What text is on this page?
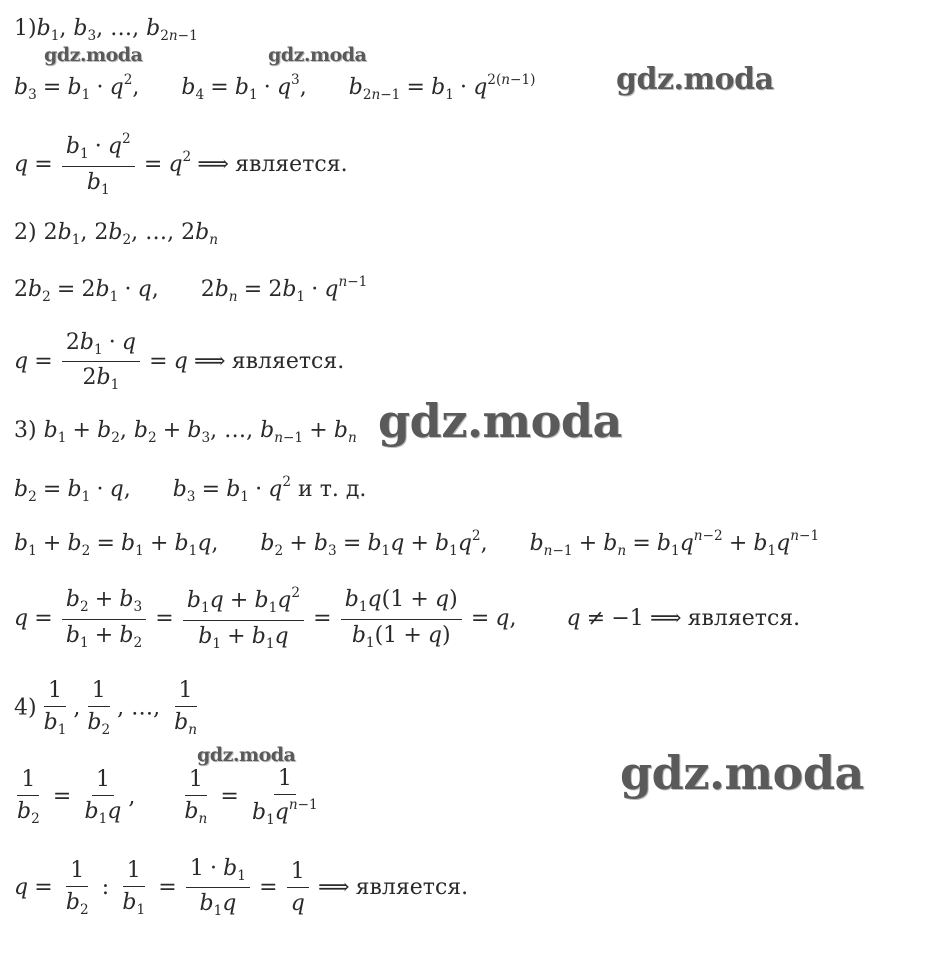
gdz.moda	gdz.moda
gdz.moda
gdz.moda
gdz.moda	gdz.moda
$1)b_1$, $b_3$, …, $b_{2n-1}$
$b_3 = b_1 \cdot q^2$, $b_4 = b_1 \cdot q^3$, $b_{2n-1} = b_1 \cdot q^{2(n-1)}$
$q = \frac{b_1 \cdot q^2}{b_1} = q^2$ ⟹ является.
2) $2b_1$, $2b_2$, …, $2b_n$
$2b_2 = 2b_1 \cdot q$, $2b_n = 2b_1 \cdot q^{n-1}$
$q = \frac{2b_1 \cdot q}{2b_1} = q$ ⟹ является.
3) $b_1 + b_2$, $b_2 + b_3$, …, $b_{n-1} + b_n$
$b_2 = b_1 \cdot q$, $b_3 = b_1 \cdot q^2$ и т. д.
$b_1 + b_2 = b_1 + b_1q$, $b_2 + b_3 = b_1q + b_1q^2$, $b_{n-1} + b_n = b_1q^{n-2} + b_1q^{n-1}$
$q = \frac{b_2 + b_3}{b_1 + b_2} = \frac{b_1q + b_1q^2}{b_1 + b_1q} = \frac{b_1q(1 + q)}{b_1(1 + q)} = q$, q ≠ −1 ⟹ является.
$4) \frac{1}{b_1}$ , $\frac{1}{b_2}$ , …, $\frac{1}{b_n}$
$\frac{1}{b_2} = \frac{1}{b_1q}$ , $\frac{1}{b_n} = \frac{1}{b_1q^{n-1}}$
$q = \frac{1}{b_2}$ : $\frac{1}{b_1} = \frac{1 \cdot b_1}{b_1q} = \frac{1}{q}$ ⟹ является.
